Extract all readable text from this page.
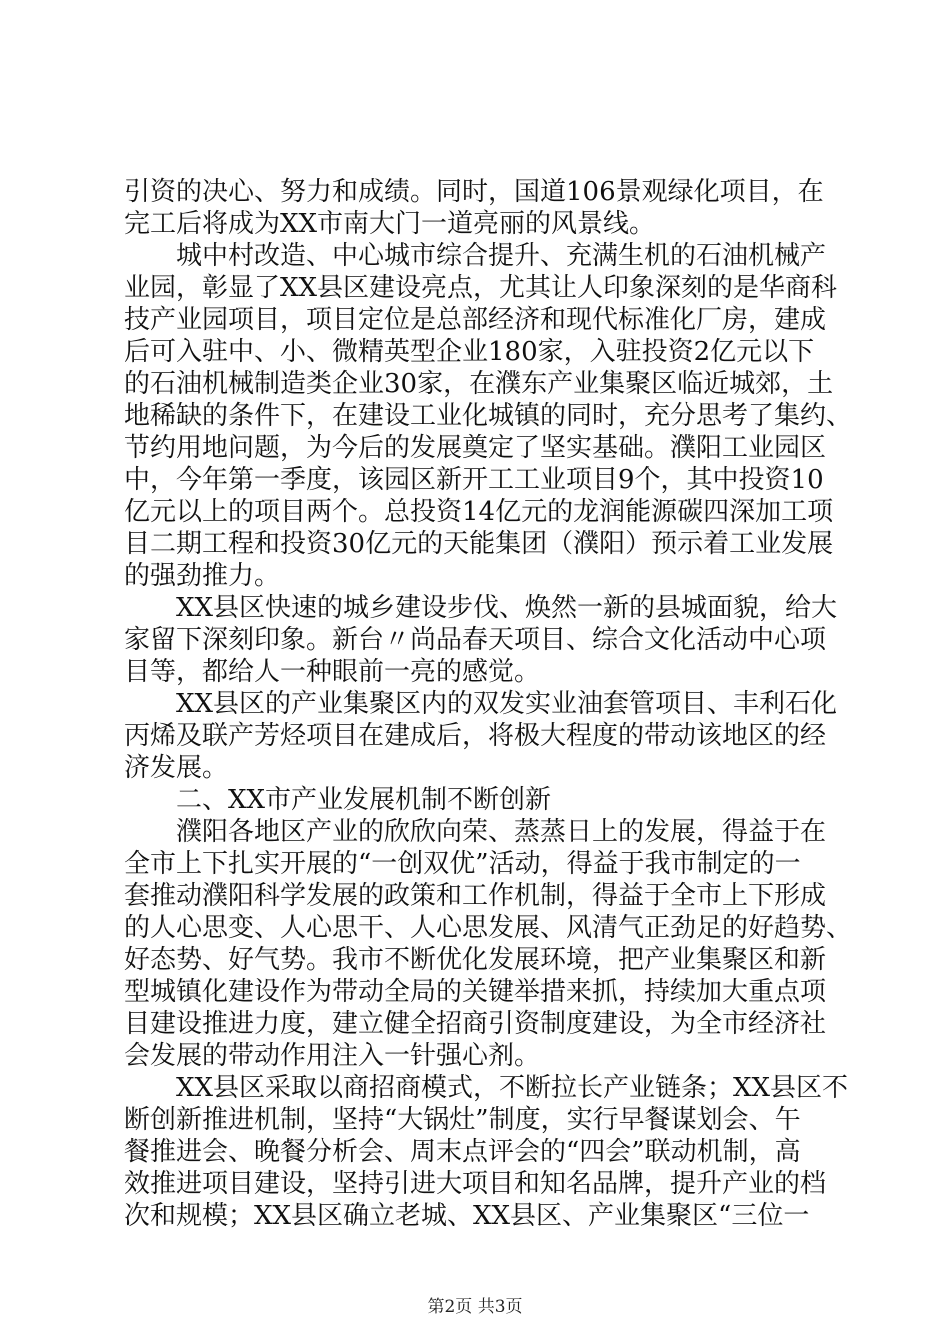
引资的决心、努力和成绩。同时，国道106景观绿化项目，在
完工后将成为XX市南大门一道亮丽的风景线。
　　城中村改造、中心城市综合提升、充满生机的石油机械产
业园，彰显了XX县区建设亮点，尤其让人印象深刻的是华商科
技产业园项目，项目定位是总部经济和现代标准化厂房，建成
后可入驻中、小、微精英型企业180家，入驻投资2亿元以下
的石油机械制造类企业30家，在濮东产业集聚区临近城郊，土
地稀缺的条件下，在建设工业化城镇的同时，充分思考了集约、
节约用地问题，为今后的发展奠定了坚实基础。濮阳工业园区
中，今年第一季度，该园区新开工工业项目9个，其中投资10
亿元以上的项目两个。总投资14亿元的龙润能源碳四深加工项
目二期工程和投资30亿元的天能集团（濮阳）预示着工业发展
的强劲推力。
　　XX县区快速的城乡建设步伐、焕然一新的县城面貌，给大
家留下深刻印象。新台〃尚品春天项目、综合文化活动中心项
目等，都给人一种眼前一亮的感觉。
　　XX县区的产业集聚区内的双发实业油套管项目、丰利石化
丙烯及联产芳烃项目在建成后，将极大程度的带动该地区的经
济发展。
　　二、XX市产业发展机制不断创新
　　濮阳各地区产业的欣欣向荣、蒸蒸日上的发展，得益于在
全市上下扎实开展的“一创双优”活动，得益于我市制定的一
套推动濮阳科学发展的政策和工作机制，得益于全市上下形成
的人心思变、人心思干、人心思发展、风清气正劲足的好趋势、
好态势、好气势。我市不断优化发展环境，把产业集聚区和新
型城镇化建设作为带动全局的关键举措来抓，持续加大重点项
目建设推进力度，建立健全招商引资制度建设，为全市经济社
会发展的带动作用注入一针强心剂。
　　XX县区采取以商招商模式，不断拉长产业链条；XX县区不
断创新推进机制，坚持“大锅灶”制度，实行早餐谋划会、午
餐推进会、晚餐分析会、周末点评会的“四会”联动机制，高
效推进项目建设，坚持引进大项目和知名品牌，提升产业的档
次和规模；XX县区确立老城、XX县区、产业集聚区“三位一
第2页 共3页
